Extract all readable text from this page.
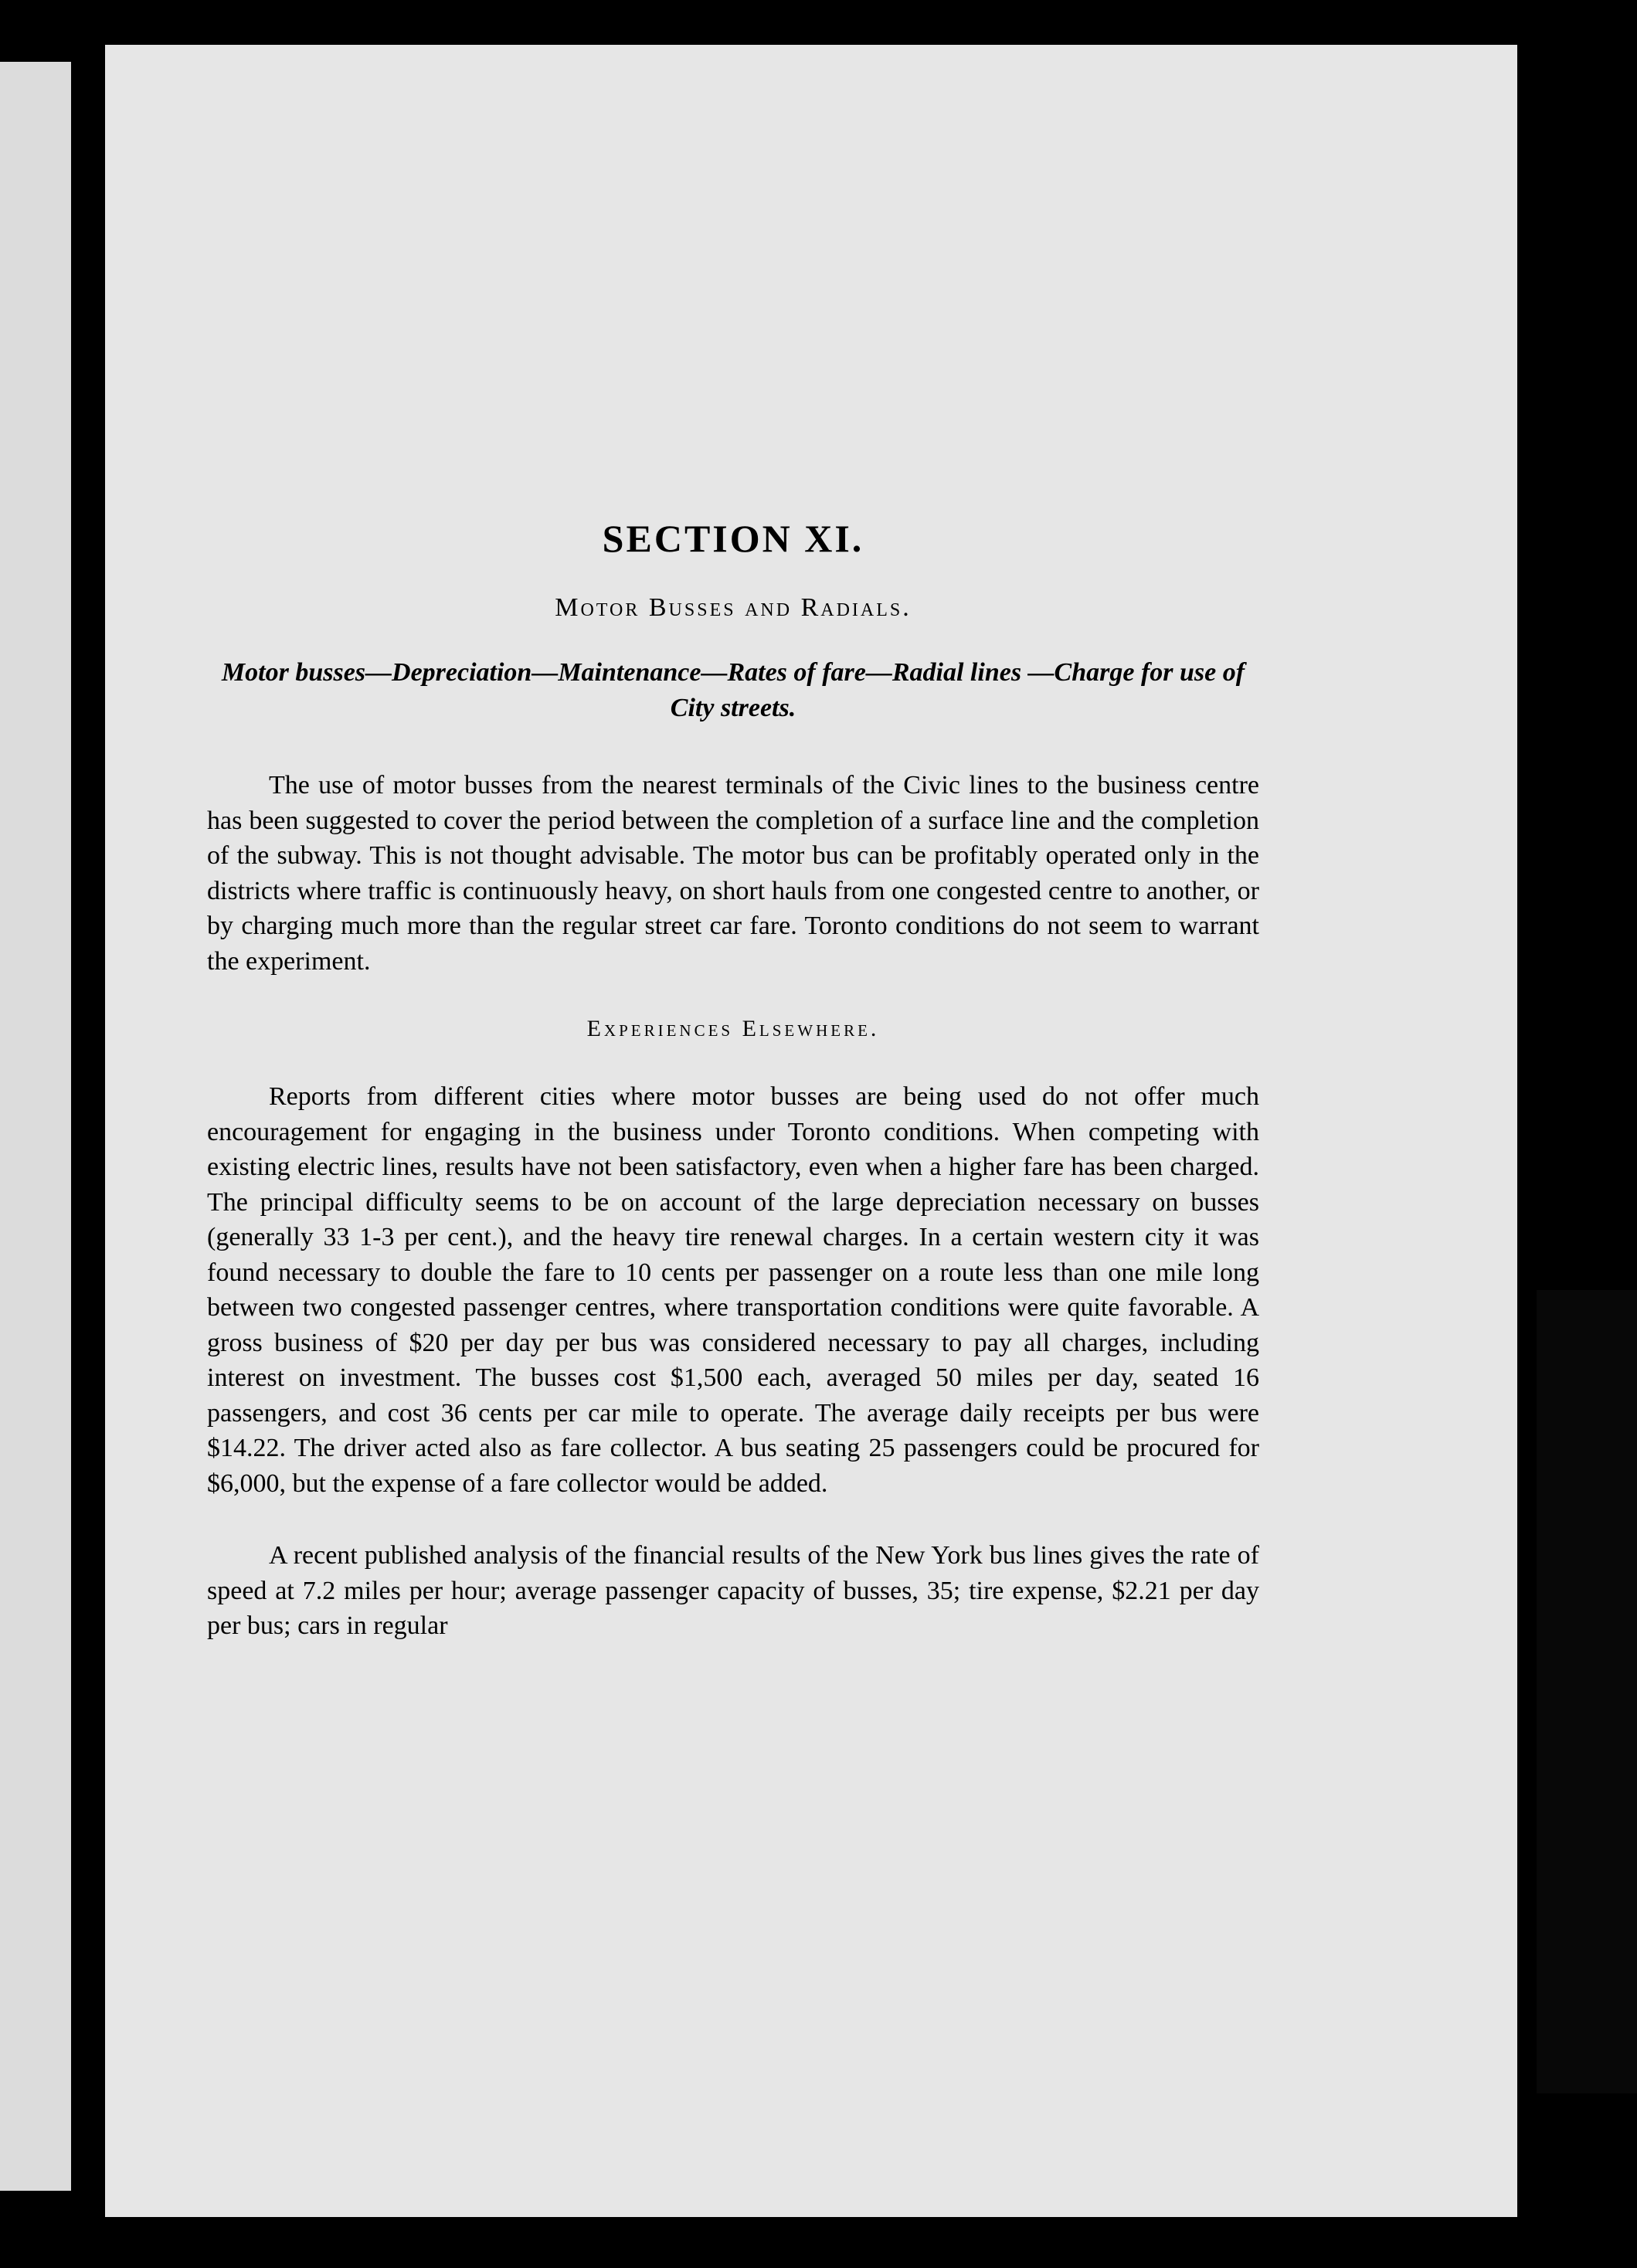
SECTION XI.
Motor Busses and Radials.
Motor busses—Depreciation—Maintenance—Rates of fare—Radial lines —Charge for use of City streets.

The use of motor busses from the nearest terminals of the Civic lines to the business centre has been suggested to cover the period between the completion of a surface line and the completion of the subway. This is not thought advisable. The motor bus can be profitably operated only in the districts where traffic is continuously heavy, on short hauls from one congested centre to another, or by charging much more than the regular street car fare. Toronto conditions do not seem to warrant the experiment.

Experiences Elsewhere.

Reports from different cities where motor busses are being used do not offer much encouragement for engaging in the business under Toronto conditions. When competing with existing electric lines, results have not been satisfactory, even when a higher fare has been charged. The principal difficulty seems to be on account of the large depreciation necessary on busses (generally 33 1-3 per cent.), and the heavy tire renewal charges. In a certain western city it was found necessary to double the fare to 10 cents per passenger on a route less than one mile long between two congested passenger centres, where transportation conditions were quite favorable. A gross business of $20 per day per bus was considered necessary to pay all charges, including interest on investment. The busses cost $1,500 each, averaged 50 miles per day, seated 16 passengers, and cost 36 cents per car mile to operate. The average daily receipts per bus were $14.22. The driver acted also as fare collector. A bus seating 25 passengers could be procured for $6,000, but the expense of a fare collector would be added.

A recent published analysis of the financial results of the New York bus lines gives the rate of speed at 7.2 miles per hour; average passenger capacity of busses, 35; tire expense, $2.21 per day per bus; cars in regular
